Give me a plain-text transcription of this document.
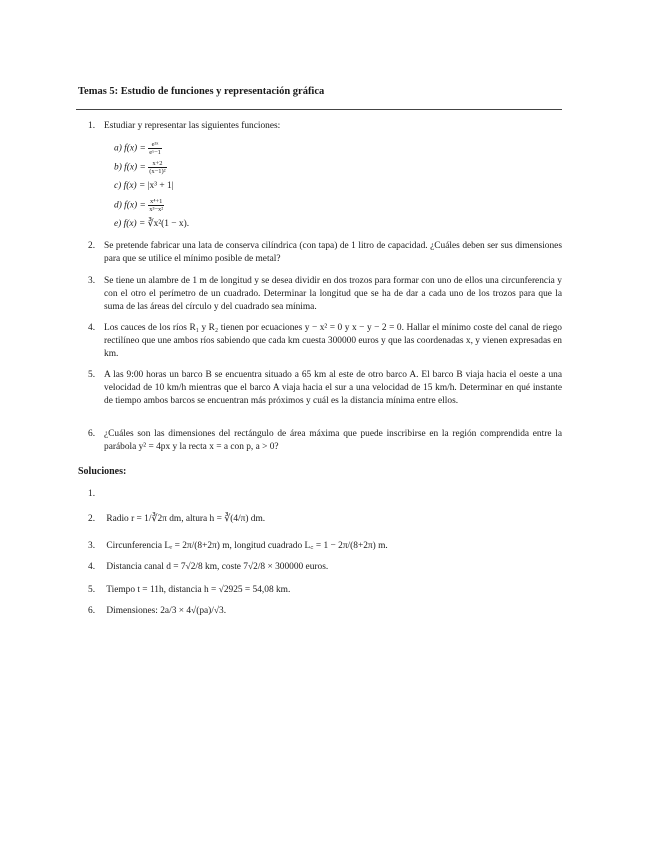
Temas 5: Estudio de funciones y representación gráfica
1. Estudiar y representar las siguientes funciones:
a) $f(x) = \frac{\text{e³ˣ}}{\text{eˣ−1}}$
b) $f(x) = \frac{x+2}{\text{(x−1)²}}$
c) f(x) = |x³ + 1|
d) $f(x) = \frac{\text{x⁴+1}}{\text{x³−x²}}$
e) f(x) = ∛x²(1 − x).
2. Se pretende fabricar una lata de conserva cilíndrica (con tapa) de 1 litro de capacidad. ¿Cuáles deben ser sus dimensiones para que se utilice el mínimo posible de metal?
3. Se tiene un alambre de 1 m de longitud y se desea dividir en dos trozos para formar con uno de ellos una circunferencia y con el otro el perímetro de un cuadrado. Determinar la longitud que se ha de dar a cada uno de los trozos para que la suma de las áreas del círculo y del cuadrado sea mínima.
4. Los cauces de los ríos R₁ y R₂ tienen por ecuaciones y − x² = 0 y x − y − 2 = 0. Hallar el mínimo coste del canal de riego rectilíneo que une ambos ríos sabiendo que cada km cuesta 300000 euros y que las coordenadas x, y vienen expresadas en km.
5. A las 9:00 horas un barco B se encuentra situado a 65 km al este de otro barco A. El barco B viaja hacia el oeste a una velocidad de 10 km/h mientras que el barco A viaja hacia el sur a una velocidad de 15 km/h. Determinar en qué instante de tiempo ambos barcos se encuentran más próximos y cuál es la distancia mínima entre ellos.
6. ¿Cuáles son las dimensiones del rectángulo de área máxima que puede inscribirse en la región comprendida entre la parábola y² = 4px y la recta x = a con p, a > 0?
Soluciones:
1.
2. Radio r = 1/∛2π dm, altura h = ∛(4/π) dm.
3. Circunferencia Lᵣ = 2π/(8+2π) m, longitud cuadrado L꜀ = 1 − 2π/(8+2π) m.
4. Distancia canal d = 7√2/8 km, coste 7√2/8 × 300000 euros.
5. Tiempo t = 11h, distancia h = √2925 = 54,08 km.
6. Dimensiones: 2a/3 × 4√(pa)/√3.
